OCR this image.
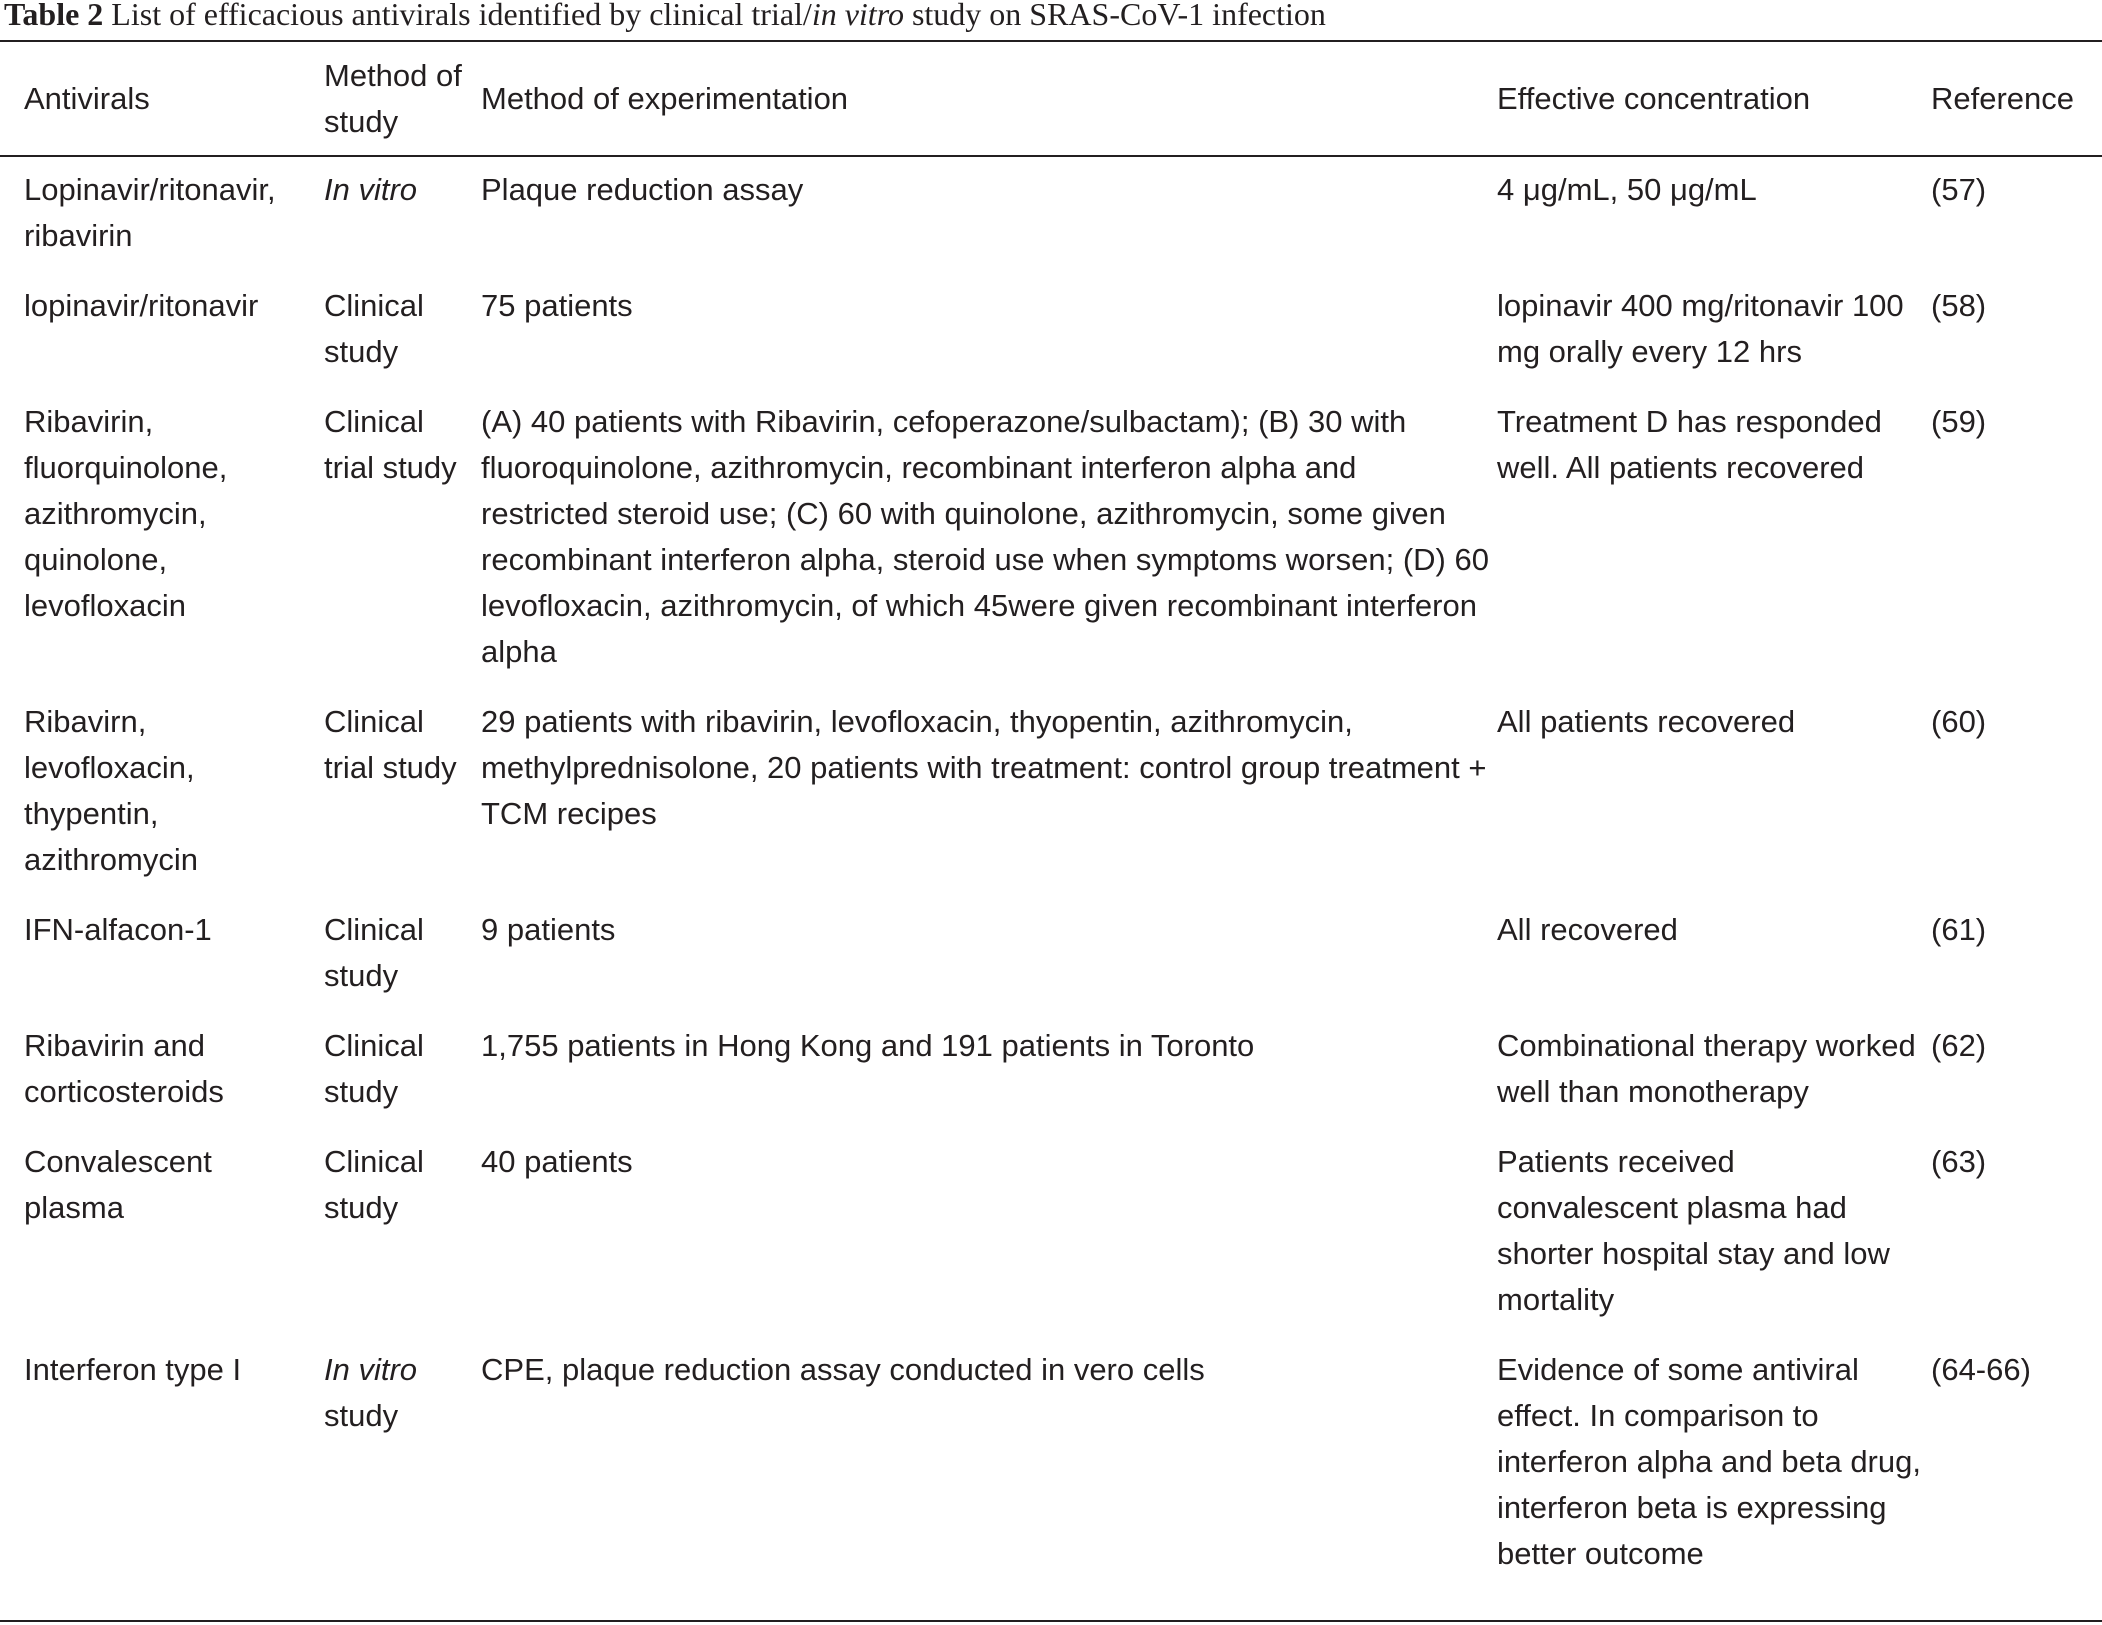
Table 2 List of efficacious antivirals identified by clinical trial/in vitro study on SRAS-CoV-1 infection
Antivirals	Method of study	Method of experimentation	Effective concentration	Reference
Lopinavir/ritonavir, ribavirin	In vitro	Plaque reduction assay	4 μg/mL, 50 μg/mL	(57)
lopinavir/ritonavir	Clinical study	75 patients	lopinavir 400 mg/ritonavir 100 mg orally every 12 hrs	(58)
Ribavirin, fluorquinolone, azithromycin, quinolone, levofloxacin	Clinical trial study	(A) 40 patients with Ribavirin, cefoperazone/sulbactam); (B) 30 with fluoroquinolone, azithromycin, recombinant interferon alpha and restricted steroid use; (C) 60 with quinolone, azithromycin, some given recombinant interferon alpha, steroid use when symptoms worsen; (D) 60 levofloxacin, azithromycin, of which 45were given recombinant interferon alpha	Treatment D has responded well. All patients recovered	(59)
Ribavirn, levofloxacin, thypentin, azithromycin	Clinical trial study	29 patients with ribavirin, levofloxacin, thyopentin, azithromycin, methylprednisolone, 20 patients with treatment: control group treatment + TCM recipes	All patients recovered	(60)
IFN-alfacon-1	Clinical study	9 patients	All recovered	(61)
Ribavirin and corticosteroids	Clinical study	1,755 patients in Hong Kong and 191 patients in Toronto	Combinational therapy worked well than monotherapy	(62)
Convalescent plasma	Clinical study	40 patients	Patients received convalescent plasma had shorter hospital stay and low mortality	(63)
Interferon type I	In vitro study	CPE, plaque reduction assay conducted in vero cells	Evidence of some antiviral effect. In comparison to interferon alpha and beta drug, interferon beta is expressing better outcome	(64-66)
